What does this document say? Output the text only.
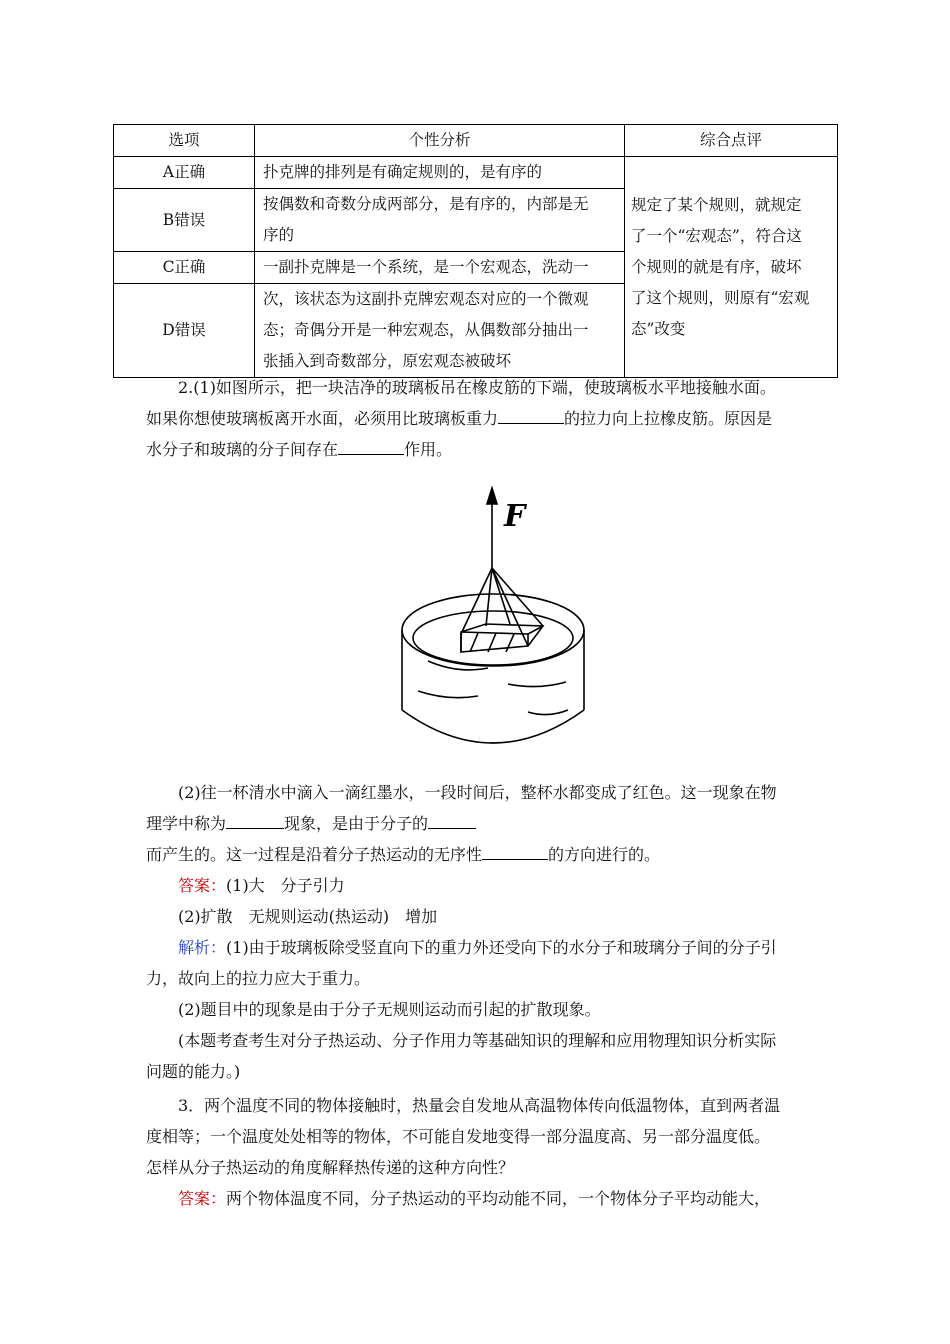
选项	个性分析	综合点评
A正确	扑克牌的排列是有确定规则的，是有序的	规定了某个规则，就规定
了一个“宏观态”，符合这
个规则的就是有序，破坏
了这个规则，则原有“宏观
态”改变

B错误	按偶数和奇数分成两部分，是有序的，内部是无
序的	

C正确	一副扑克牌是一个系统，是一个宏观态，洗动一	
D错误	次，该状态为这副扑克牌宏观态对应的一个微观
态；奇偶分开是一种宏观态，从偶数部分抽出一
张插入到奇数部分，原宏观态被破坏	

2.(1)如图所示，把一块洁净的玻璃板吊在橡皮筋的下端，使玻璃板水平地接触水面。

如果你想使玻璃板离开水面，必须用比玻璃板重力	的拉力向上拉橡皮筋。原因是

水分子和玻璃的分子间存在	作用。

F

(2)往一杯清水中滴入一滴红墨水，一段时间后，整杯水都变成了红色。这一现象在物

理学中称为	现象，是由于分子的

而产生的。这一过程是沿着分子热运动的无序性	的方向进行的。

答案：(1)大　分子引力

(2)扩散　无规则运动(热运动)　增加

解析：(1)由于玻璃板除受竖直向下的重力外还受向下的水分子和玻璃分子间的分子引

力，故向上的拉力应大于重力。

(2)题目中的现象是由于分子无规则运动而引起的扩散现象。

(本题考查考生对分子热运动、分子作用力等基础知识的理解和应用物理知识分析实际

问题的能力。)

3．两个温度不同的物体接触时，热量会自发地从高温物体传向低温物体，直到两者温

度相等；一个温度处处相等的物体，不可能自发地变得一部分温度高、另一部分温度低。

怎样从分子热运动的角度解释热传递的这种方向性？

答案：两个物体温度不同，分子热运动的平均动能不同，一个物体分子平均动能大，
